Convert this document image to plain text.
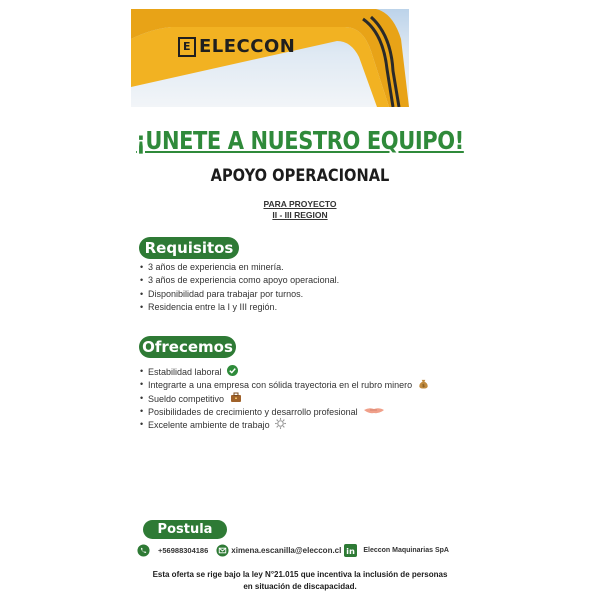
E ELECCON
¡UNETE A NUESTRO EQUIPO!
APOYO OPERACIONAL
PARA PROYECTO
II - III REGION
Requisitos
• 3 años de experiencia en minería.
• 3 años de experiencia como apoyo operacional.
• Disponibilidad para trabajar por turnos.
• Residencia entre la I y III región.
Ofrecemos
• Estabilidad laboral
• Integrarte a una empresa con sólida trayectoria en el rubro minero $
• Sueldo competitivo
• Posibilidades de crecimiento y desarrollo profesional
• Excelente ambiente de trabajo
Postula
+56988304186	ximena.escanilla@eleccon.cl in Eleccon Maquinarias SpA
Esta oferta se rige bajo la ley N°21.015 que incentiva la inclusión de personas
en situación de discapacidad.
